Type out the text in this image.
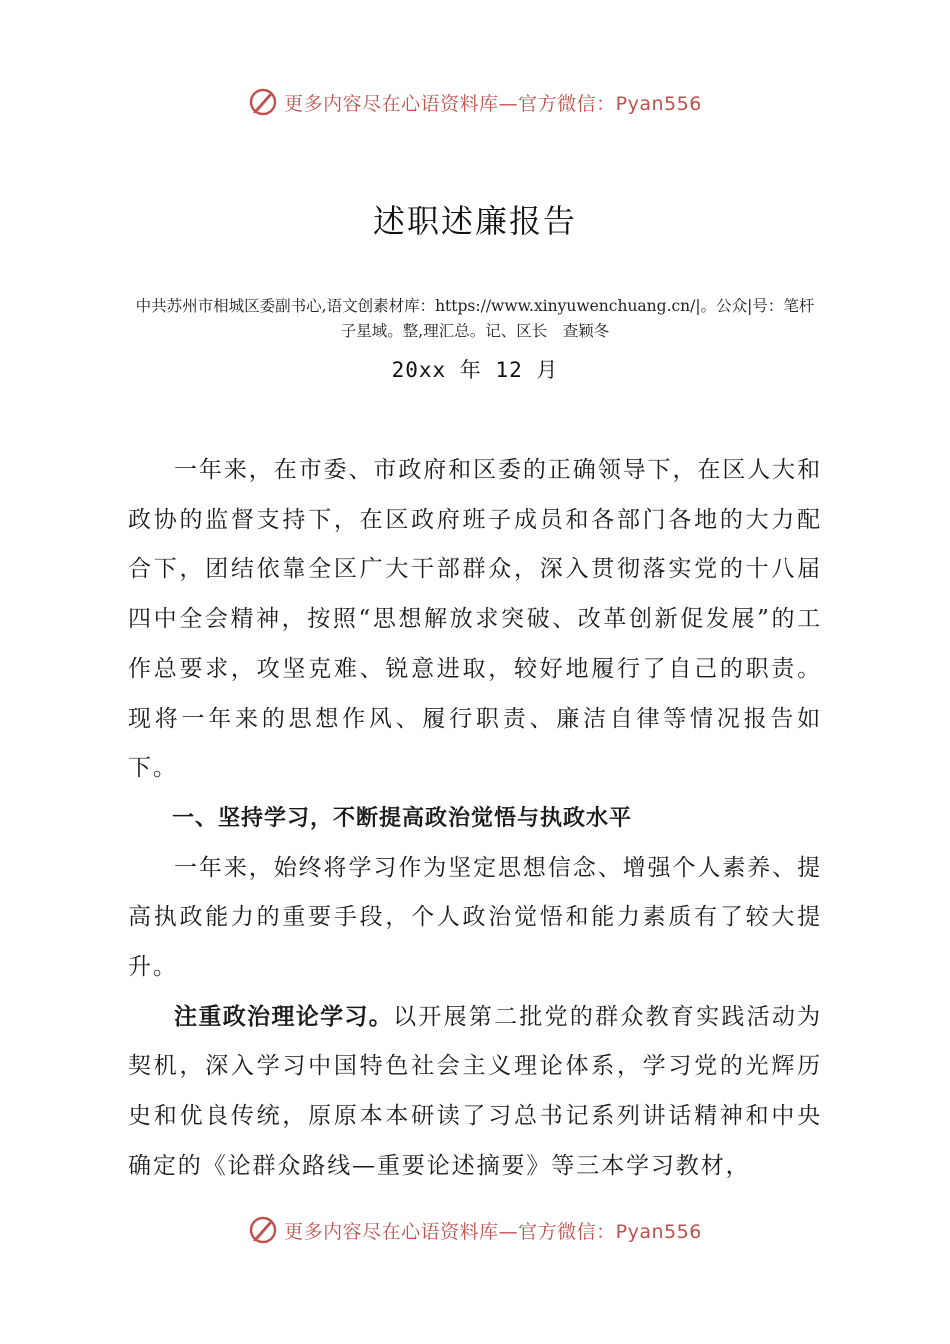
更多内容尽在心语资料库—官方微信：Pyan556
述职述廉报告
中共苏州市相城区委副书心,语文创素材库：https://www.xinyuwenchuang.cn/|。公众|号：笔杆子星域。整,理汇总。记、区长　查颖冬
20xx 年 12 月

一年来，在市委、市政府和区委的正确领导下，在区人大和政协的监督支持下，在区政府班子成员和各部门各地的大力配合下，团结依靠全区广大干部群众，深入贯彻落实党的十八届四中全会精神，按照“思想解放求突破、改革创新促发展”的工作总要求，攻坚克难、锐意进取，较好地履行了自己的职责。现将一年来的思想作风、履行职责、廉洁自律等情况报告如下。

一、坚持学习，不断提高政治觉悟与执政水平

一年来，始终将学习作为坚定思想信念、增强个人素养、提高执政能力的重要手段，个人政治觉悟和能力素质有了较大提升。

注重政治理论学习。以开展第二批党的群众教育实践活动为契机，深入学习中国特色社会主义理论体系，学习党的光辉历史和优良传统，原原本本研读了习总书记系列讲话精神和中央确定的《论群众路线—重要论述摘要》等三本学习教材，

更多内容尽在心语资料库—官方微信：Pyan556
